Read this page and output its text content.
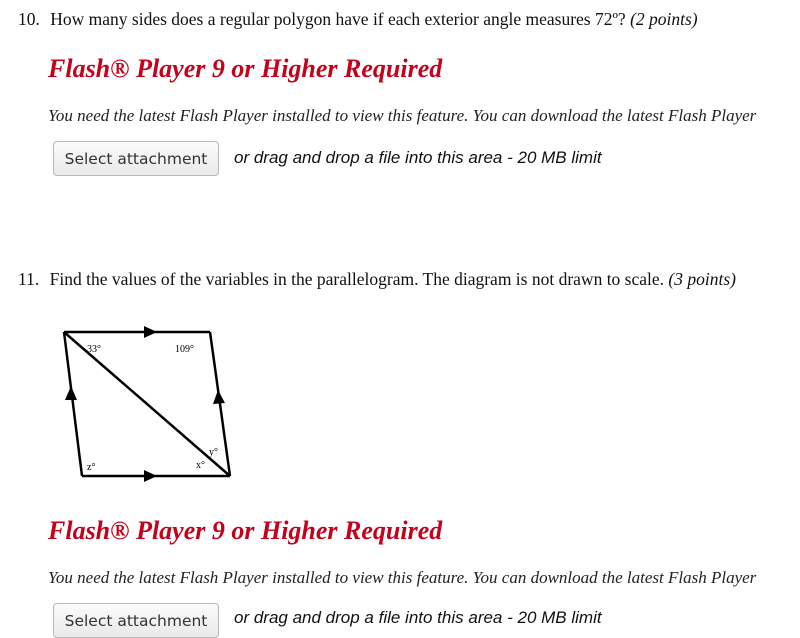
10. How many sides does a regular polygon have if each exterior angle measures 72º? (2 points)
Flash® Player 9 or Higher Required
You need the latest Flash Player installed to view this feature. You can download the latest Flash Player
Select attachment	or drag and drop a file into this area - 20 MB limit
11. Find the values of the variables in the parallelogram. The diagram is not drawn to scale. (3 points)
33°	109°
z°	x°
y°
Flash® Player 9 or Higher Required
You need the latest Flash Player installed to view this feature. You can download the latest Flash Player
Select attachment	or drag and drop a file into this area - 20 MB limit
